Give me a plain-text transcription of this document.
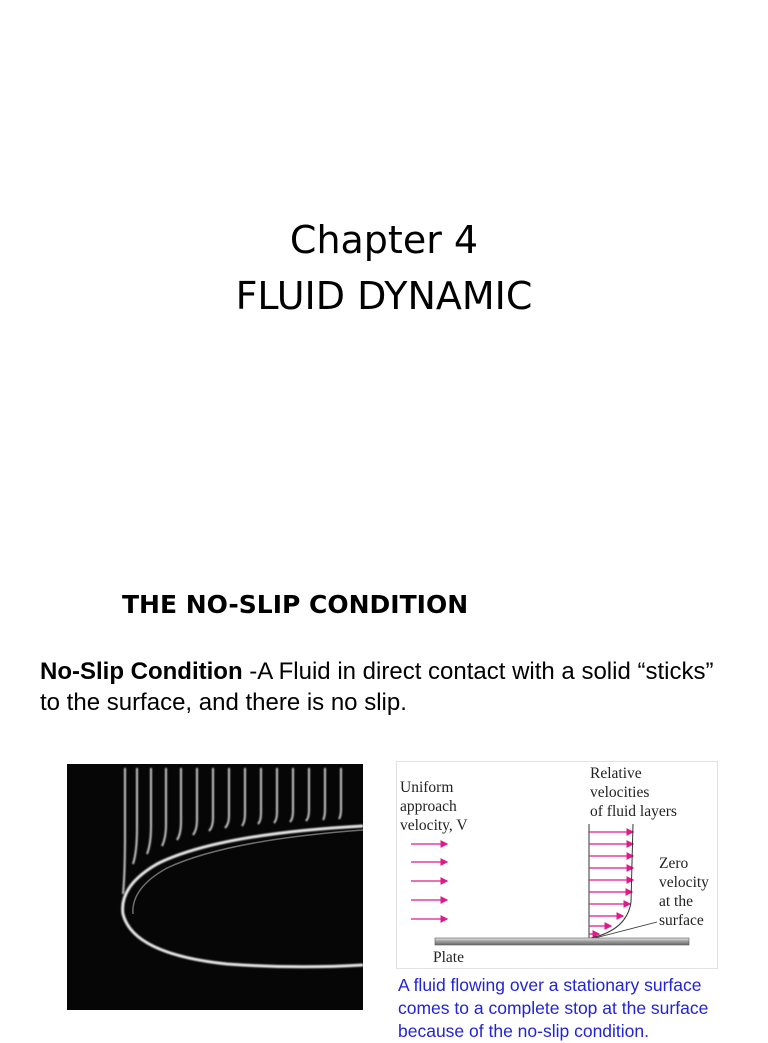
Chapter 4
FLUID DYNAMIC
THE NO-SLIP CONDITION
No-Slip Condition -A Fluid in direct contact with a solid “sticks” to the surface, and there is no slip.
Uniform
approach
velocity, V
Relative
velocities
of fluid layers
Zero
velocity
at the
surface
Plate
A fluid flowing over a stationary surface comes to a complete stop at the surface because of the no-slip condition.
